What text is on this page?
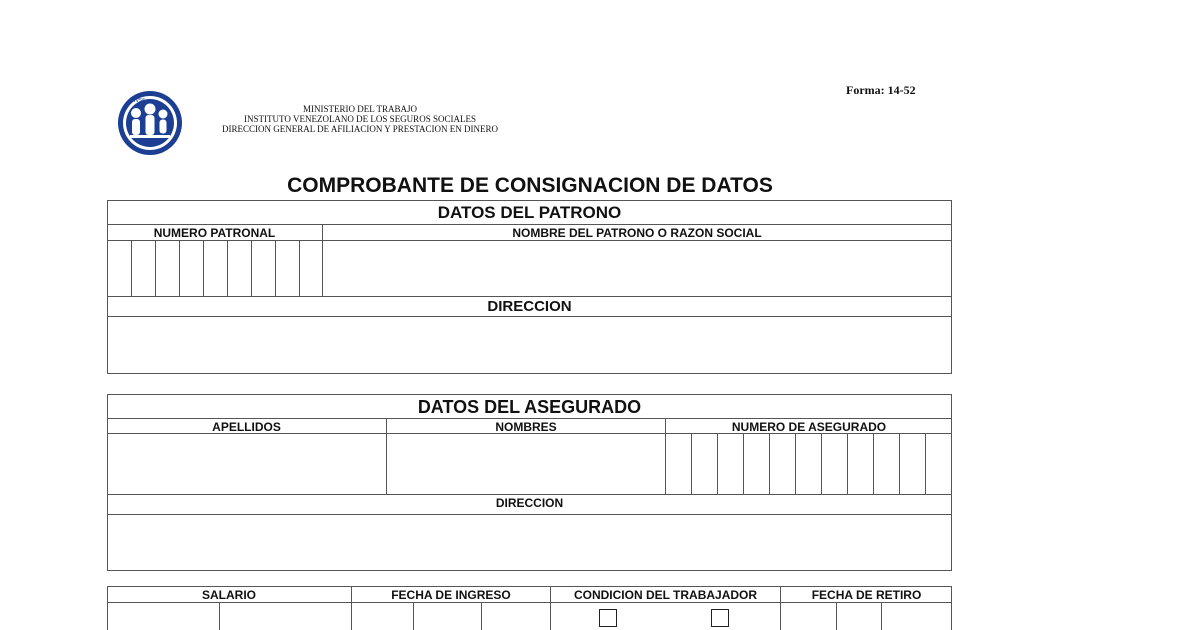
Forma: 14-52
IVSS
MINISTERIO DEL TRABAJO
INSTITUTO VENEZOLANO DE LOS SEGUROS SOCIALES
DIRECCION GENERAL DE AFILIACION Y PRESTACION EN DINERO
COMPROBANTE DE CONSIGNACION DE DATOS
DATOS DEL PATRONO
NUMERO PATRONAL	NOMBRE DEL PATRONO O RAZON SOCIAL
DIRECCION
DATOS DEL ASEGURADO
APELLIDOS	NOMBRES	NUMERO DE ASEGURADO
DIRECCION
SALARIO	FECHA DE INGRESO	CONDICION DEL TRABAJADOR	FECHA DE RETIRO
